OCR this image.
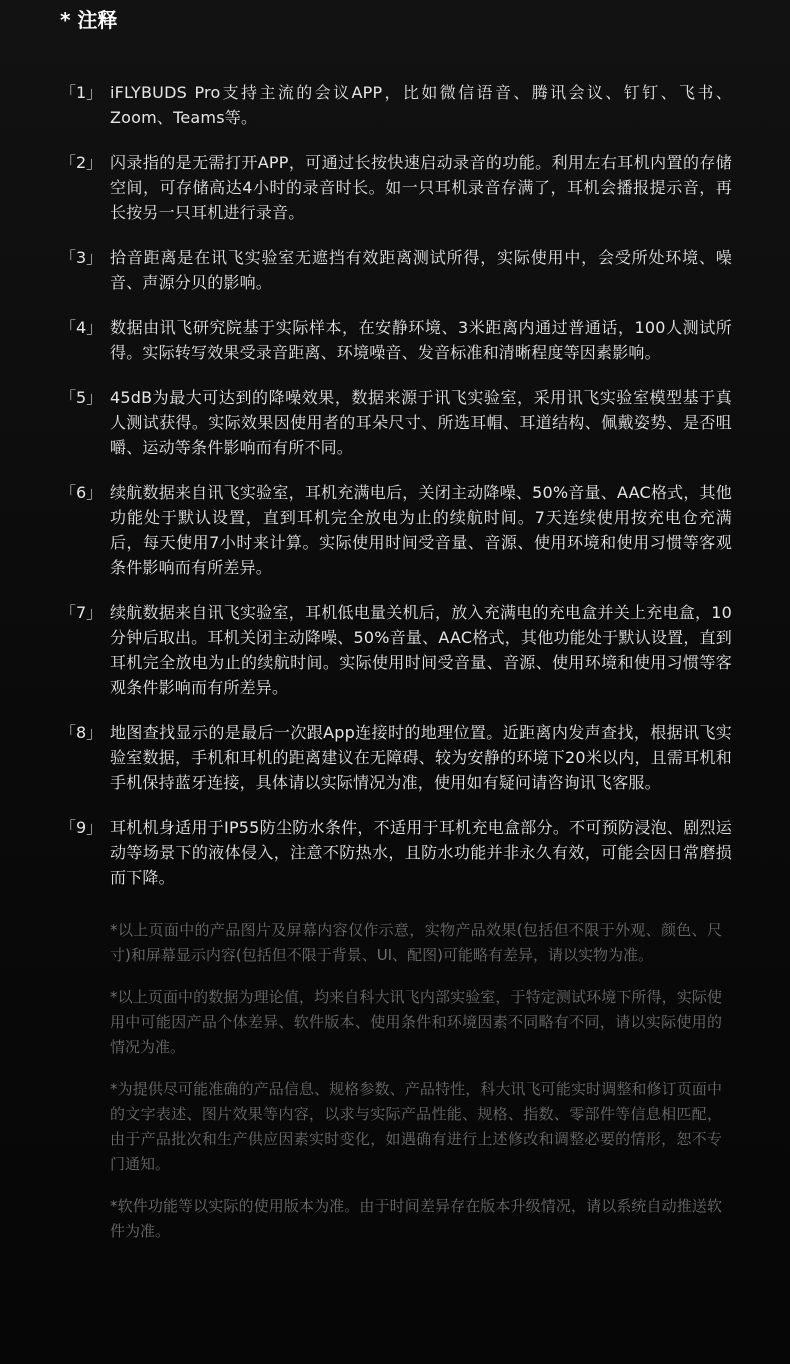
* 注释
「1」 iFLYBUDS Pro支持主流的会议APP，比如微信语音、腾讯会议、钉钉、飞书、Zoom、Teams等。
「2」 闪录指的是无需打开APP，可通过长按快速启动录音的功能。利用左右耳机内置的存储空间，可存储高达4小时的录音时长。如一只耳机录音存满了，耳机会播报提示音，再长按另一只耳机进行录音。
「3」 拾音距离是在讯飞实验室无遮挡有效距离测试所得，实际使用中，会受所处环境、噪音、声源分贝的影响。
「4」 数据由讯飞研究院基于实际样本，在安静环境、3米距离内通过普通话，100人测试所得。实际转写效果受录音距离、环境噪音、发音标准和清晰程度等因素影响。
「5」 45dB为最大可达到的降噪效果，数据来源于讯飞实验室，采用讯飞实验室模型基于真人测试获得。实际效果因使用者的耳朵尺寸、所选耳帽、耳道结构、佩戴姿势、是否咀嚼、运动等条件影响而有所不同。
「6」 续航数据来自讯飞实验室，耳机充满电后，关闭主动降噪、50%音量、AAC格式，其他功能处于默认设置，直到耳机完全放电为止的续航时间。7天连续使用按充电仓充满后，每天使用7小时来计算。实际使用时间受音量、音源、使用环境和使用习惯等客观条件影响而有所差异。
「7」 续航数据来自讯飞实验室，耳机低电量关机后，放入充满电的充电盒并关上充电盒，10分钟后取出。耳机关闭主动降噪、50%音量、AAC格式，其他功能处于默认设置，直到耳机完全放电为止的续航时间。实际使用时间受音量、音源、使用环境和使用习惯等客观条件影响而有所差异。
「8」 地图查找显示的是最后一次跟App连接时的地理位置。近距离内发声查找，根据讯飞实验室数据，手机和耳机的距离建议在无障碍、较为安静的环境下20米以内，且需耳机和手机保持蓝牙连接，具体请以实际情况为准，使用如有疑问请咨询讯飞客服。
「9」 耳机机身适用于IP55防尘防水条件，不适用于耳机充电盒部分。不可预防浸泡、剧烈运动等场景下的液体侵入，注意不防热水，且防水功能并非永久有效，可能会因日常磨损而下降。
*以上页面中的产品图片及屏幕内容仅作示意，实物产品效果(包括但不限于外观、颜色、尺寸)和屏幕显示内容(包括但不限于背景、UI、配图)可能略有差异，请以实物为准。
*以上页面中的数据为理论值，均来自科大讯飞内部实验室，于特定测试环境下所得，实际使用中可能因产品个体差异、软件版本、使用条件和环境因素不同略有不同，请以实际使用的情况为准。
*为提供尽可能准确的产品信息、规格参数、产品特性，科大讯飞可能实时调整和修订页面中的文字表述、图片效果等内容，以求与实际产品性能、规格、指数、零部件等信息相匹配，由于产品批次和生产供应因素实时变化，如遇确有进行上述修改和调整必要的情形，恕不专门通知。
*软件功能等以实际的使用版本为准。由于时间差异存在版本升级情况，请以系统自动推送软件为准。
